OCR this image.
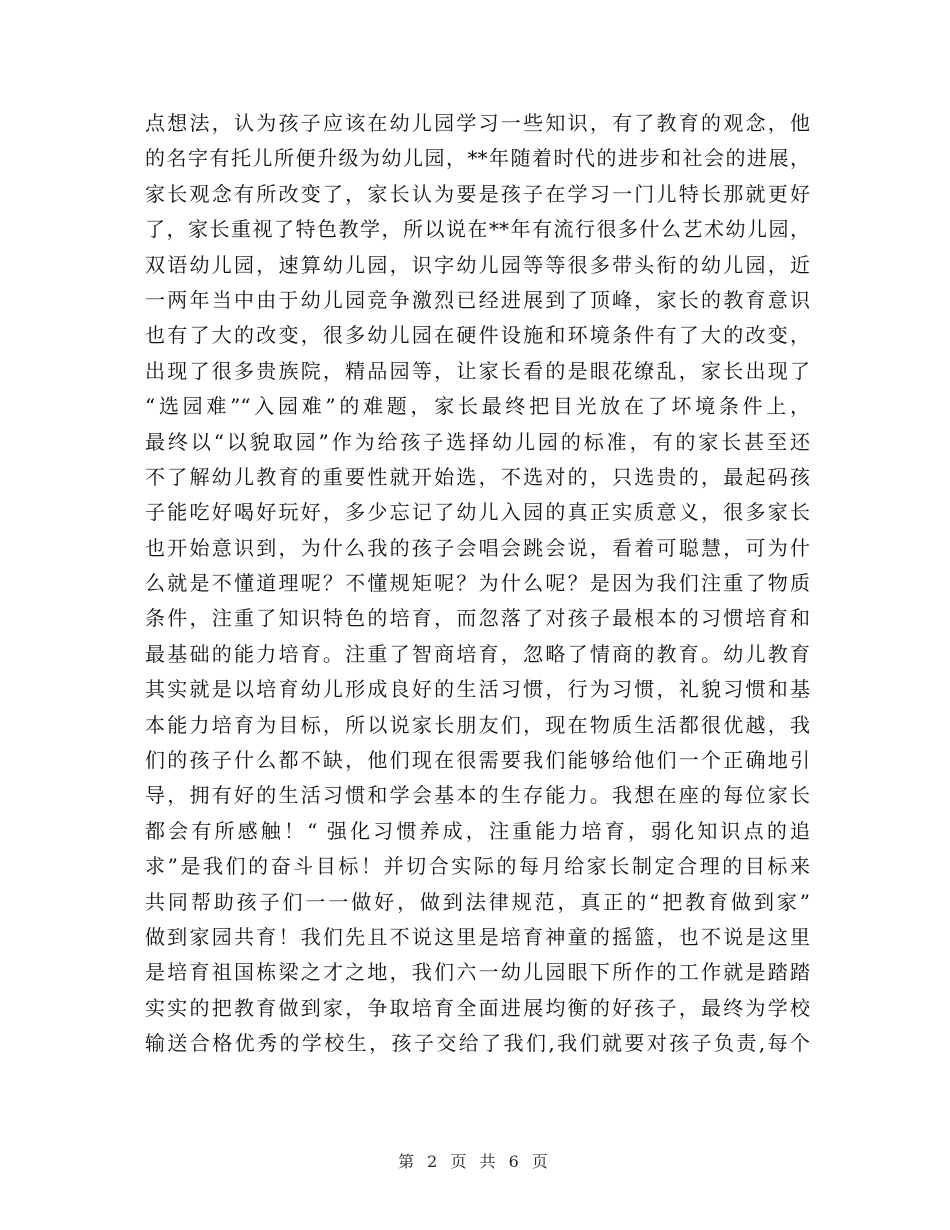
点想法，认为孩子应该在幼儿园学习一些知识，有了教育的观念，他
的名字有托儿所便升级为幼儿园，**年随着时代的进步和社会的进展，
家长观念有所改变了，家长认为要是孩子在学习一门儿特长那就更好
了，家长重视了特色教学，所以说在**年有流行很多什么艺术幼儿园，
双语幼儿园，速算幼儿园，识字幼儿园等等很多带头衔的幼儿园，近
一两年当中由于幼儿园竞争激烈已经进展到了顶峰，家长的教育意识
也有了大的改变，很多幼儿园在硬件设施和环境条件有了大的改变，
出现了很多贵族院，精品园等，让家长看的是眼花缭乱，家长出现了
“选园难”“入园难”的难题，家长最终把目光放在了坏境条件上，
最终以“以貌取园”作为给孩子选择幼儿园的标准，有的家长甚至还
不了解幼儿教育的重要性就开始选，不选对的，只选贵的，最起码孩
子能吃好喝好玩好，多少忘记了幼儿入园的真正实质意义，很多家长
也开始意识到，为什么我的孩子会唱会跳会说，看着可聪慧，可为什
么就是不懂道理呢？不懂规矩呢？为什么呢？是因为我们注重了物质
条件，注重了知识特色的培育，而忽落了对孩子最根本的习惯培育和
最基础的能力培育。注重了智商培育，忽略了情商的教育。幼儿教育
其实就是以培育幼儿形成良好的生活习惯，行为习惯，礼貌习惯和基
本能力培育为目标，所以说家长朋友们，现在物质生活都很优越，我
们的孩子什么都不缺，他们现在很需要我们能够给他们一个正确地引
导，拥有好的生活习惯和学会基本的生存能力。我想在座的每位家长
都会有所感触！“ 强化习惯养成，注重能力培育，弱化知识点的追
求”是我们的奋斗目标！并切合实际的每月给家长制定合理的目标来
共同帮助孩子们一一做好，做到法律规范，真正的“把教育做到家”
做到家园共育！我们先且不说这里是培育神童的摇篮，也不说是这里
是培育祖国栋梁之才之地，我们六一幼儿园眼下所作的工作就是踏踏
实实的把教育做到家，争取培育全面进展均衡的好孩子，最终为学校
输送合格优秀的学校生，孩子交给了我们,我们就要对孩子负责,每个
第 2 页 共 6 页
